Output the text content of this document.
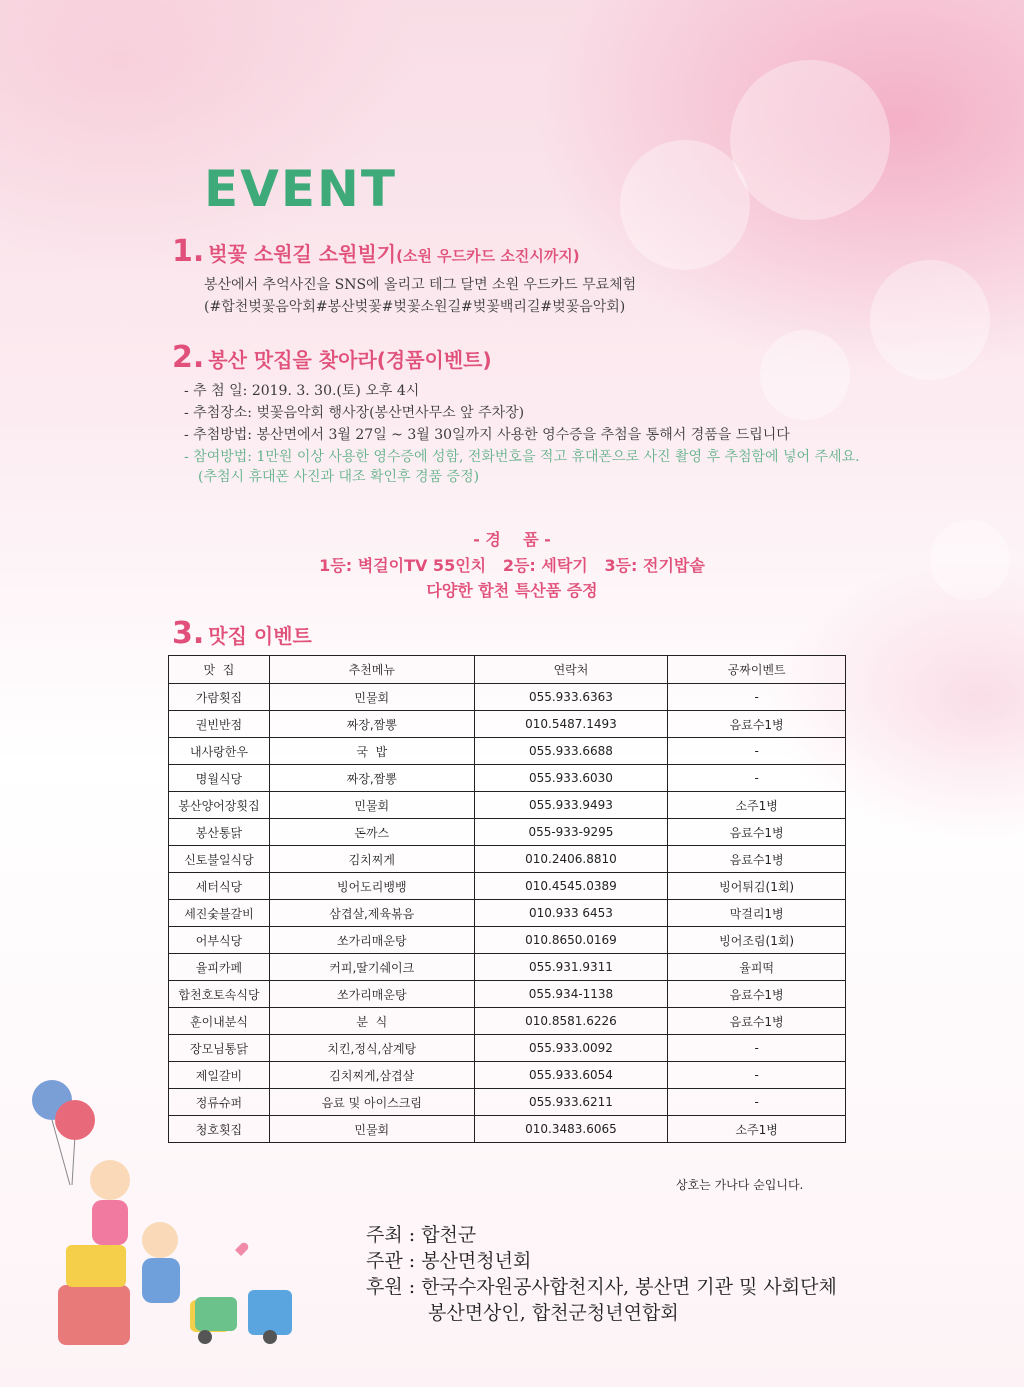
EVENT
1. 벚꽃 소원길 소원빌기(소원 우드카드 소진시까지)
봉산에서 추억사진을 SNS에 올리고 테그 달면 소원 우드카드 무료체험
(#합천벚꽃음악회#봉산벚꽃#벚꽃소원길#벚꽃백리길#벚꽃음악회)
2. 봉산 맛집을 찾아라(경품이벤트)
- 추 첨 일: 2019. 3. 30.(토) 오후 4시
- 추첨장소: 벚꽃음악회 행사장(봉산면사무소 앞 주차장)
- 추첨방법: 봉산면에서 3월 27일 ~ 3월 30일까지 사용한 영수증을 추첨을 통해서 경품을 드립니다
- 참여방법: 1만원 이상 사용한 영수증에 성함, 전화번호을 적고 휴대폰으로 사진 촬영 후 추첨함에 넣어 주세요.
(추첨시 휴대폰 사진과 대조 확인후 경품 증정)
- 경    품 -
1등: 벽걸이TV 55인치   2등: 세탁기   3등: 전기밥솥
다양한 합천 특산품 증정
3. 맛집 이벤트
맛  집	추천메뉴	연락처	공짜이벤트
가람횟집	민물회	055.933.6363	-
권빈반점	짜장,짬뽕	010.5487.1493	음료수1병
내사랑한우	국  밥	055.933.6688	-
명월식당	짜장,짬뽕	055.933.6030	-
봉산양어장횟집	민물회	055.933.9493	소주1병
봉산통닭	돈까스	055-933-9295	음료수1병
신토불일식당	김치찌게	010.2406.8810	음료수1병
세터식당	빙어도리뱅뱅	010.4545.0389	빙어튀김(1회)
세진숯불갈비	삼겹살,제육볶음	010.933 6453	막걸리1병
어부식당	쏘가리매운탕	010.8650.0169	빙어조림(1회)
율피카페	커피,딸기쉐이크	055.931.9311	율피떡
합천호토속식당	쏘가리매운탕	055.934-1138	음료수1병
훈이내분식	분  식	010.8581.6226	음료수1병
장모님통닭	치킨,정식,삼계탕	055.933.0092	-
제일갈비	김치찌게,삼겹살	055.933.6054	-
정류슈퍼	음료 및 아이스크림	055.933.6211	-
청호횟집	민물회	010.3483.6065	소주1병
상호는 가나다 순입니다.
주최 : 합천군
주관 : 봉산면청년회
후원 : 한국수자원공사합천지사, 봉산면 기관 및 사회단체
봉산면상인, 합천군청년연합회
